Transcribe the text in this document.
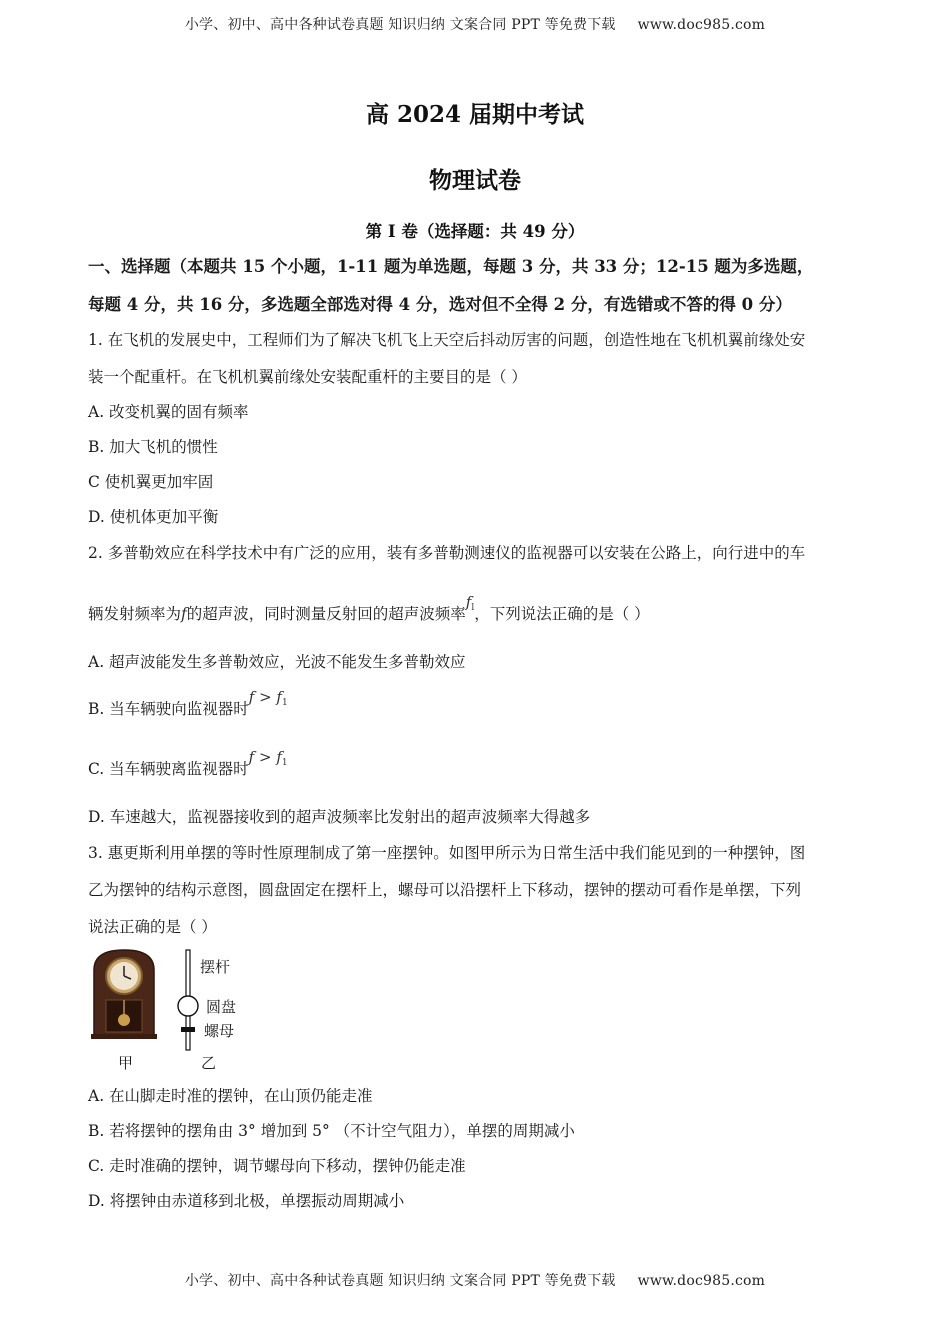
小学、初中、高中各种试卷真题 知识归纳 文案合同 PPT 等免费下载 www.doc985.com
高 2024 届期中考试
物理试卷
第 I 卷（选择题：共 49 分）
一、选择题（本题共 15 个小题，1-11 题为单选题，每题 3 分，共 33 分；12-15 题为多选题，
每题 4 分，共 16 分，多选题全部选对得 4 分，选对但不全得 2 分，有选错或不答的得 0 分）
1. 在飞机的发展史中，工程师们为了解决飞机飞上天空后抖动厉害的问题，创造性地在飞机机翼前缘处安
装一个配重杆。在飞机机翼前缘处安装配重杆的主要目的是（ ）
A. 改变机翼的固有频率
B. 加大飞机的惯性
C 使机翼更加牢固
D. 使机体更加平衡
2. 多普勒效应在科学技术中有广泛的应用，装有多普勒测速仪的监视器可以安装在公路上，向行进中的车
辆发射频率为f的超声波，同时测量反射回的超声波频率$f_l$，下列说法正确的是（ ）
A. 超声波能发生多普勒效应，光波不能发生多普勒效应
B. 当车辆驶向监视器时$f > f_1$
C. 当车辆驶离监视器时$f > f_1$
D. 车速越大，监视器接收到的超声波频率比发射出的超声波频率大得越多
3. 惠更斯利用单摆的等时性原理制成了第一座摆钟。如图甲所示为日常生活中我们能见到的一种摆钟，图
乙为摆钟的结构示意图，圆盘固定在摆杆上，螺母可以沿摆杆上下移动，摆钟的摆动可看作是单摆，下列
说法正确的是（ ）
摆杆
圆盘
螺母
甲	乙
A. 在山脚走时准的摆钟，在山顶仍能走准
B. 若将摆钟的摆角由 3° 增加到 5° （不计空气阻力），单摆的周期减小
C. 走时准确的摆钟，调节螺母向下移动，摆钟仍能走准
D. 将摆钟由赤道移到北极，单摆振动周期减小
小学、初中、高中各种试卷真题 知识归纳 文案合同 PPT 等免费下载 www.doc985.com
